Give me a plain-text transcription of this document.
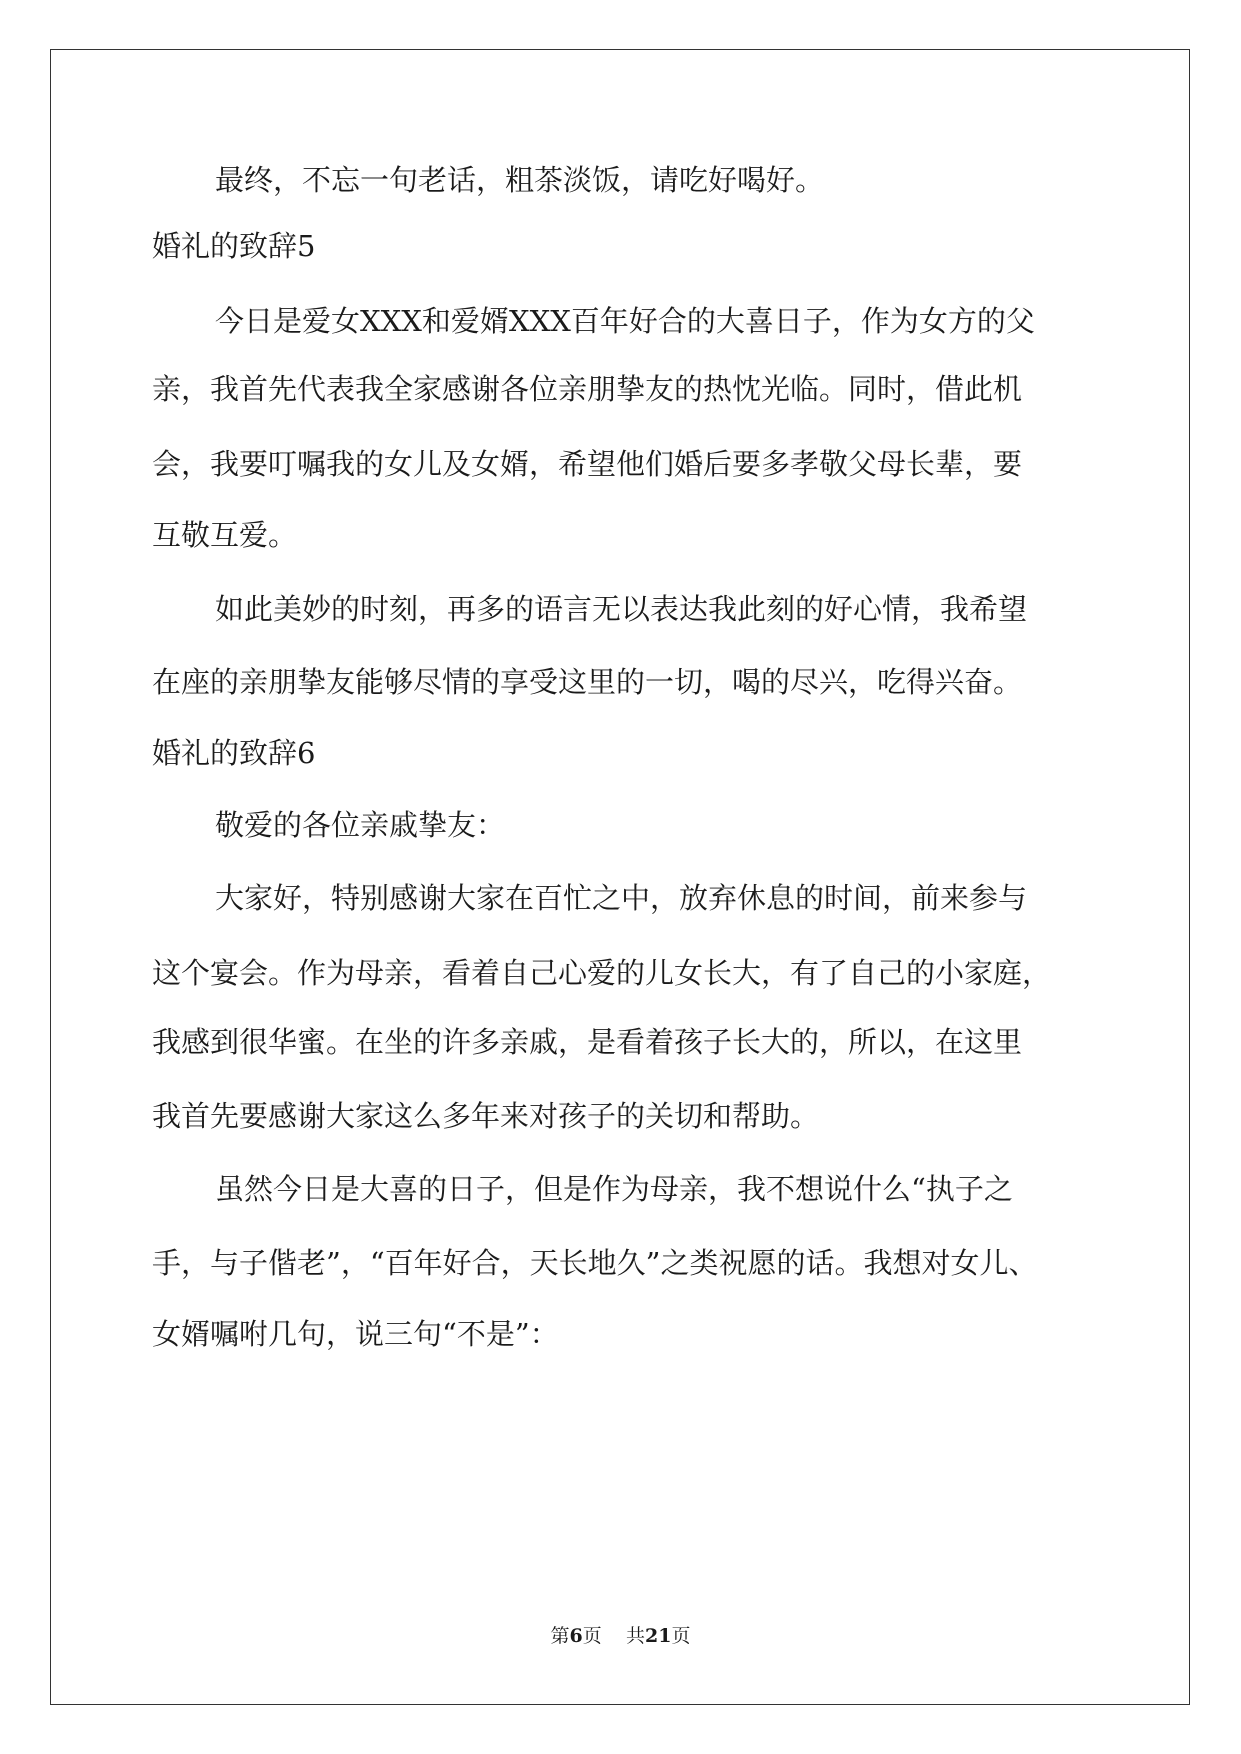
最终，不忘一句老话，粗茶淡饭，请吃好喝好。
婚礼的致辞5
今日是爱女XXX和爱婿XXX百年好合的大喜日子，作为女方的父
亲，我首先代表我全家感谢各位亲朋挚友的热忱光临。同时，借此机
会，我要叮嘱我的女儿及女婿，希望他们婚后要多孝敬父母长辈，要
互敬互爱。
如此美妙的时刻，再多的语言无以表达我此刻的好心情，我希望
在座的亲朋挚友能够尽情的享受这里的一切，喝的尽兴，吃得兴奋。
婚礼的致辞6
敬爱的各位亲戚挚友：
大家好，特别感谢大家在百忙之中，放弃休息的时间，前来参与
这个宴会。作为母亲，看着自己心爱的儿女长大，有了自己的小家庭，
我感到很华蜜。在坐的许多亲戚，是看着孩子长大的，所以，在这里
我首先要感谢大家这么多年来对孩子的关切和帮助。
虽然今日是大喜的日子，但是作为母亲，我不想说什么“执子之
手，与子偕老”，“百年好合，天长地久”之类祝愿的话。我想对女儿、
女婿嘱咐几句，说三句“不是”：
第6页 共21页
